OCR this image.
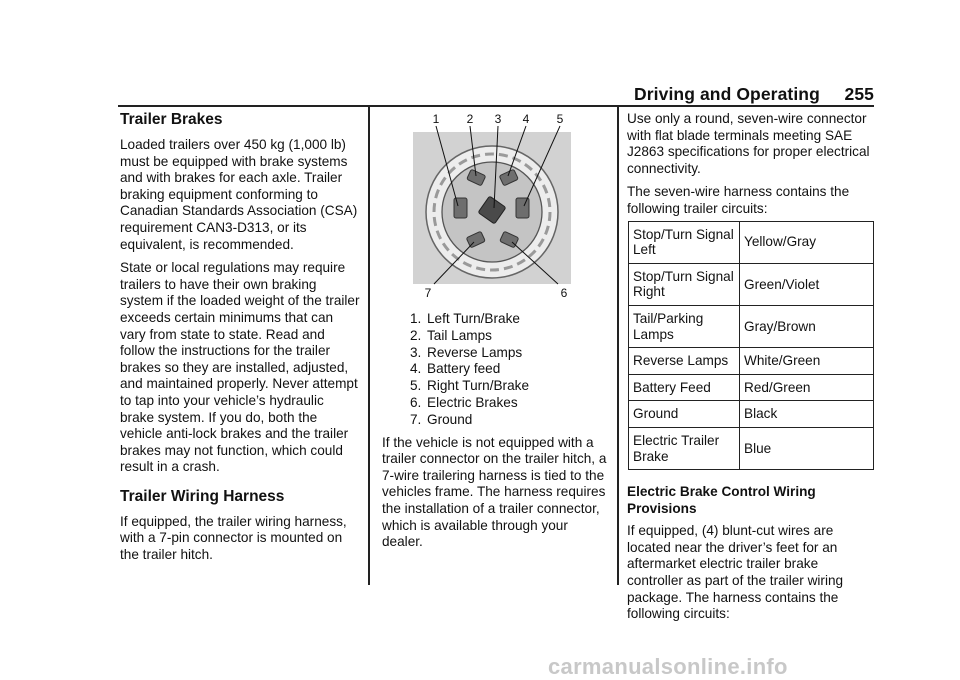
Driving and Operating 255
Trailer Brakes

Loaded trailers over 450 kg (1,000 lb) must be equipped with brake systems and with brakes for each axle. Trailer braking equipment conforming to Canadian Standards Association (CSA) requirement CAN3-D313, or its equivalent, is recommended.

State or local regulations may require trailers to have their own braking system if the loaded weight of the trailer exceeds certain minimums that can vary from state to state. Read and follow the instructions for the trailer brakes so they are installed, adjusted, and maintained properly. Never attempt to tap into your vehicle’s hydraulic brake system. If you do, both the vehicle anti-lock brakes and the trailer brakes may not function, which could result in a crash.

Trailer Wiring Harness

If equipped, the trailer wiring harness, with a 7-pin connector is mounted on the trailer hitch.

1 2 3 4 5
6
7
1. Left Turn/Brake
2. Tail Lamps
3. Reverse Lamps
4. Battery feed
5. Right Turn/Brake
6. Electric Brakes
7. Ground

If the vehicle is not equipped with a trailer connector on the trailer hitch, a 7-wire trailering harness is tied to the vehicles frame. The harness requires the installation of a trailer connector, which is available through your dealer.

Use only a round, seven-wire connector with flat blade terminals meeting SAE J2863 specifications for proper electrical connectivity.

The seven-wire harness contains the following trailer circuits:

Stop/Turn Signal Left	Yellow/Gray
Stop/Turn Signal Right	Green/Violet
Tail/Parking Lamps	Gray/Brown
Reverse Lamps	White/Green
Battery Feed	Red/Green
Ground	Black
Electric Trailer Brake	Blue
Electric Brake Control Wiring Provisions

If equipped, (4) blunt-cut wires are located near the driver’s feet for an aftermarket electric trailer brake controller as part of the trailer wiring package. The harness contains the following circuits:

carmanualsonline.info
